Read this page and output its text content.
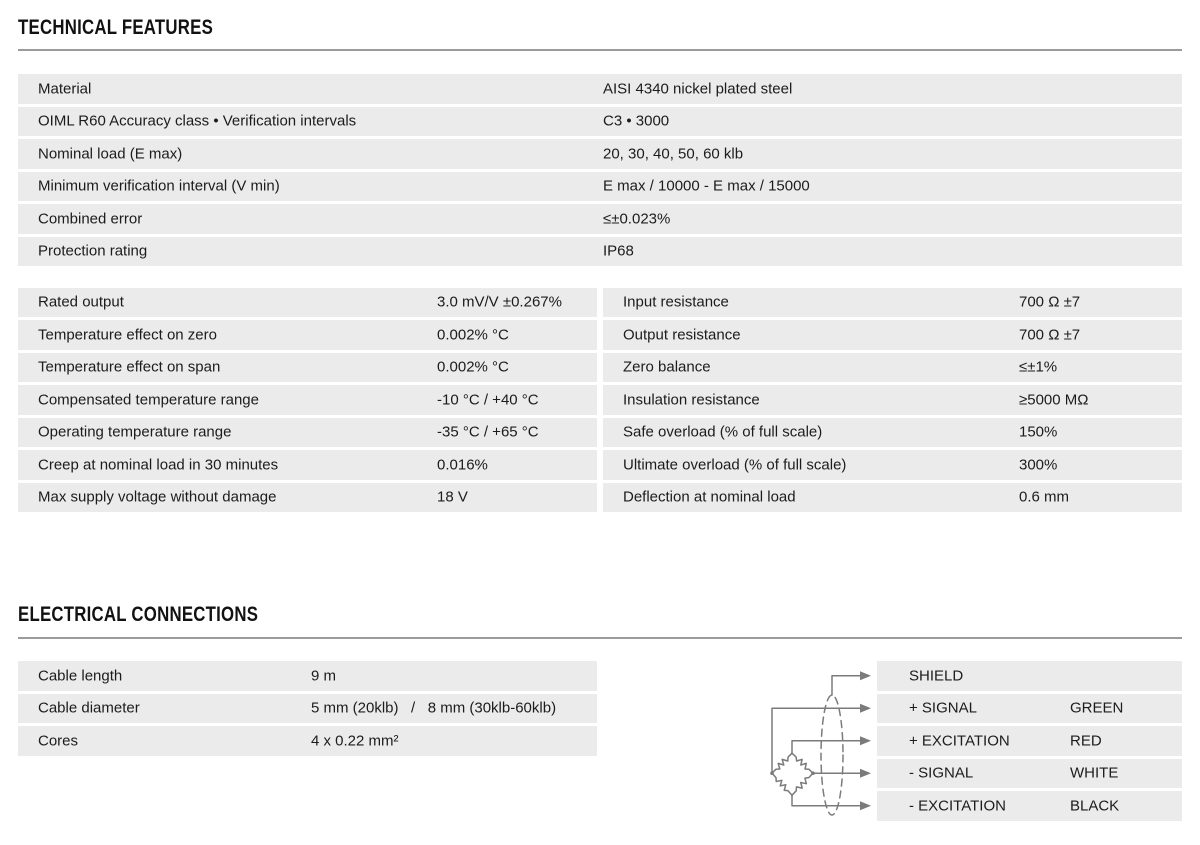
TECHNICAL FEATURES
Material	AISI 4340 nickel plated steel
OIML R60 Accuracy class • Verification intervals	C3 • 3000
Nominal load (E max)	20, 30, 40, 50, 60 klb
Minimum verification interval (V min)	E max / 10000 - E max / 15000
Combined error	≤±0.023%
Protection rating	IP68
Rated output	3.0 mV/V ±0.267%
Temperature effect on zero	0.002% °C
Temperature effect on span	0.002% °C
Compensated temperature range	-10 °C / +40 °C
Operating temperature range	-35 °C / +65 °C
Creep at nominal load in 30 minutes	0.016%
Max supply voltage without damage	18 V
Input resistance	700 Ω ±7
Output resistance	700 Ω ±7
Zero balance	≤±1%
Insulation resistance	≥5000 MΩ
Safe overload (% of full scale)	150%
Ultimate overload (% of full scale)	300%
Deflection at nominal load	0.6 mm
ELECTRICAL CONNECTIONS
Cable length	9 m
Cable diameter	5 mm (20klb)   /   8 mm (30klb-60klb)
Cores	4 x 0.22 mm²
SHIELD
+ SIGNAL	GREEN
+ EXCITATION	RED
- SIGNAL	WHITE
- EXCITATION	BLACK
